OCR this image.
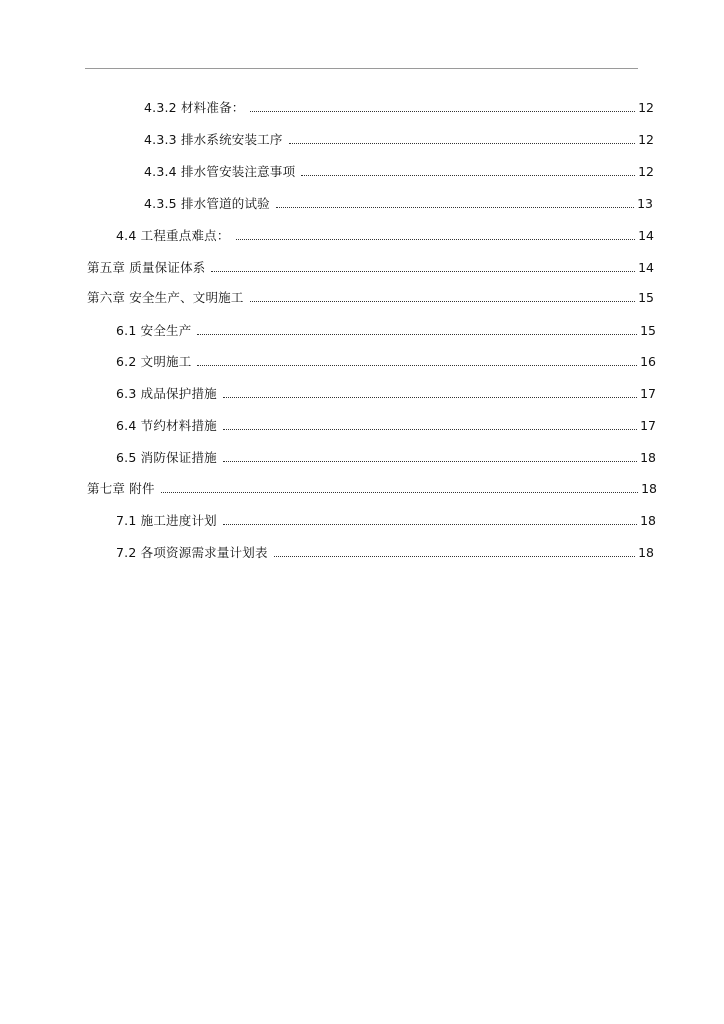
4.3.2 材料准备：	12
4.3.3 排水系统安装工序	12
4.3.4 排水管安装注意事项	12
4.3.5 排水管道的试验	13
4.4 工程重点难点：	14
第五章 质量保证体系	14
第六章 安全生产、文明施工	15
6.1 安全生产	15
6.2 文明施工	16
6.3 成品保护措施	17
6.4 节约材料措施	17
6.5 消防保证措施	18
第七章 附件	18
7.1 施工进度计划	18
7.2 各项资源需求量计划表	18
